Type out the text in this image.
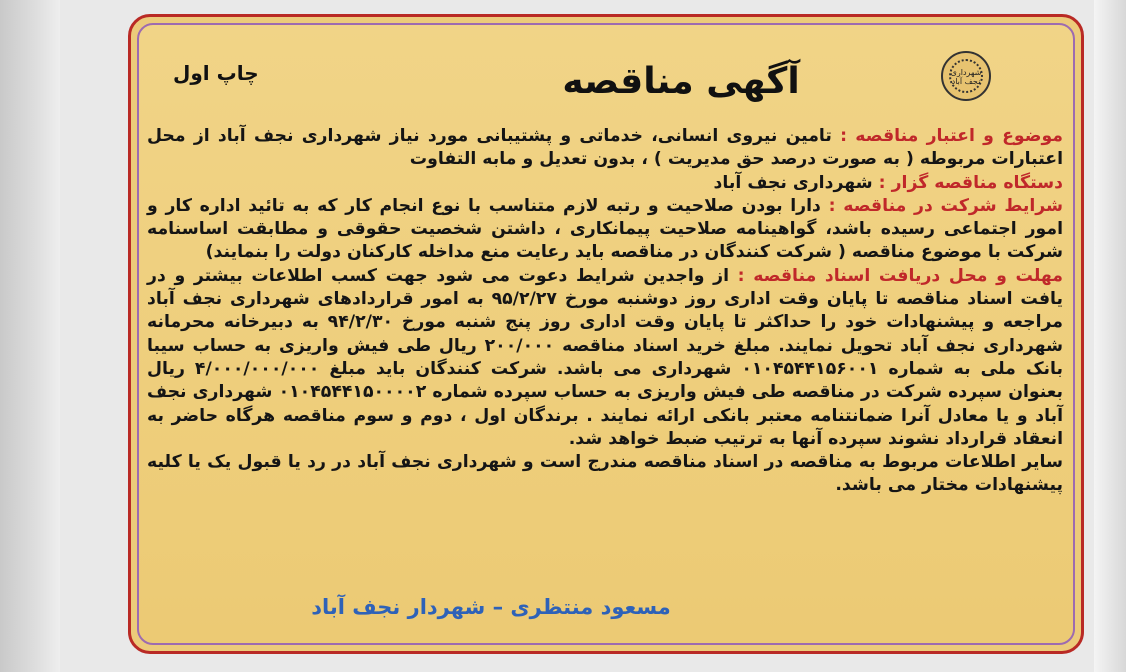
شهرداری نجف آباد
آگهی مناقصه
چاپ اول

موضوع و اعتبار مناقصه : تامین نیروی انسانی، خدماتی و پشتیبانی مورد نیاز شهرداری نجف آباد از محل اعتبارات مربوطه ( به صورت درصد حق مدیریت ) ، بدون تعدیل و مابه التفاوت

دستگاه مناقصه گزار : شهرداری نجف آباد

شرایط شرکت در مناقصه : دارا بودن صلاحیت و رتبه لازم متناسب با نوع انجام کار که به تائید اداره کار و امور اجتماعی رسیده باشد، گواهینامه صلاحیت پیمانکاری ، داشتن شخصیت حقوقی و مطابقت اساسنامه شرکت با موضوع مناقصه ( شرکت کنندگان در مناقصه باید رعایت منع مداخله کارکنان دولت را بنمایند)

مهلت و محل دریافت اسناد مناقصه : از واجدین شرایط دعوت می شود جهت کسب اطلاعات بیشتر و در یافت اسناد مناقصه تا پایان وقت اداری روز دوشنبه مورخ ۹۵/۲/۲۷ به امور قراردادهای شهرداری نجف آباد مراجعه و پیشنهادات خود را حداکثر تا پایان وقت اداری روز پنج شنبه مورخ ۹۴/۲/۳۰ به دبیرخانه محرمانه شهرداری نجف آباد تحویل نمایند. مبلغ خرید اسناد مناقصه ۲۰۰/۰۰۰ ریال طی فیش واریزی به حساب سیبا بانک ملی به شماره ۰۱۰۴۵۴۴۱۵۶۰۰۱ شهرداری می باشد. شرکت کنندگان باید مبلغ ۴/۰۰۰/۰۰۰/۰۰۰ ریال بعنوان سپرده شرکت در مناقصه طی فیش واریزی به حساب سپرده شماره ۰۱۰۴۵۴۴۱۵۰۰۰۰۲ شهرداری نجف آباد و یا معادل آنرا ضمانتنامه معتبر بانکی ارائه نمایند . برندگان اول ، دوم و سوم مناقصه هرگاه حاضر به انعقاد قرارداد نشوند سپرده آنها به ترتیب ضبط خواهد شد.

سایر اطلاعات مربوط به مناقصه در اسناد مناقصه مندرج است و شهرداری نجف آباد در رد یا قبول یک یا کلیه پیشنهادات مختار می باشد.

مسعود منتظری – شهردار نجف آباد
